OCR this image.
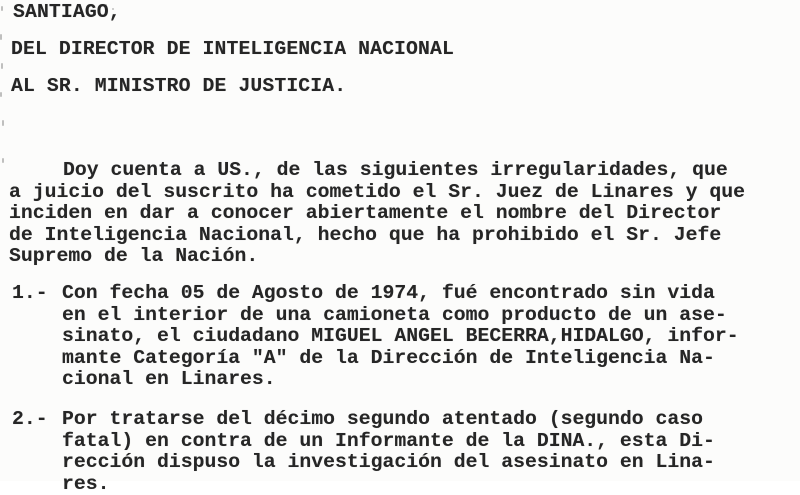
SANTIAGO,
DEL DIRECTOR DE INTELIGENCIA NACIONAL
AL SR. MINISTRO DE JUSTICIA.
Doy cuenta a US., de las siguientes irregularidades, que
a juicio del suscrito ha cometido el Sr. Juez de Linares y que
inciden en dar a conocer abiertamente el nombre del Director
de Inteligencia Nacional, hecho que ha prohibido el Sr. Jefe
Supremo de la Nación.
1.- Con fecha 05 de Agosto de 1974, fué encontrado sin vida
en el interior de una camioneta como producto de un ase-
sinato, el ciudadano MIGUEL ANGEL BECERRA,HIDALGO, infor-
mante Categoría "A" de la Dirección de Inteligencia Na-
cional en Linares.
2.- Por tratarse del décimo segundo atentado (segundo caso
fatal) en contra de un Informante de la DINA., esta Di-
rección dispuso la investigación del asesinato en Lina-
res.
